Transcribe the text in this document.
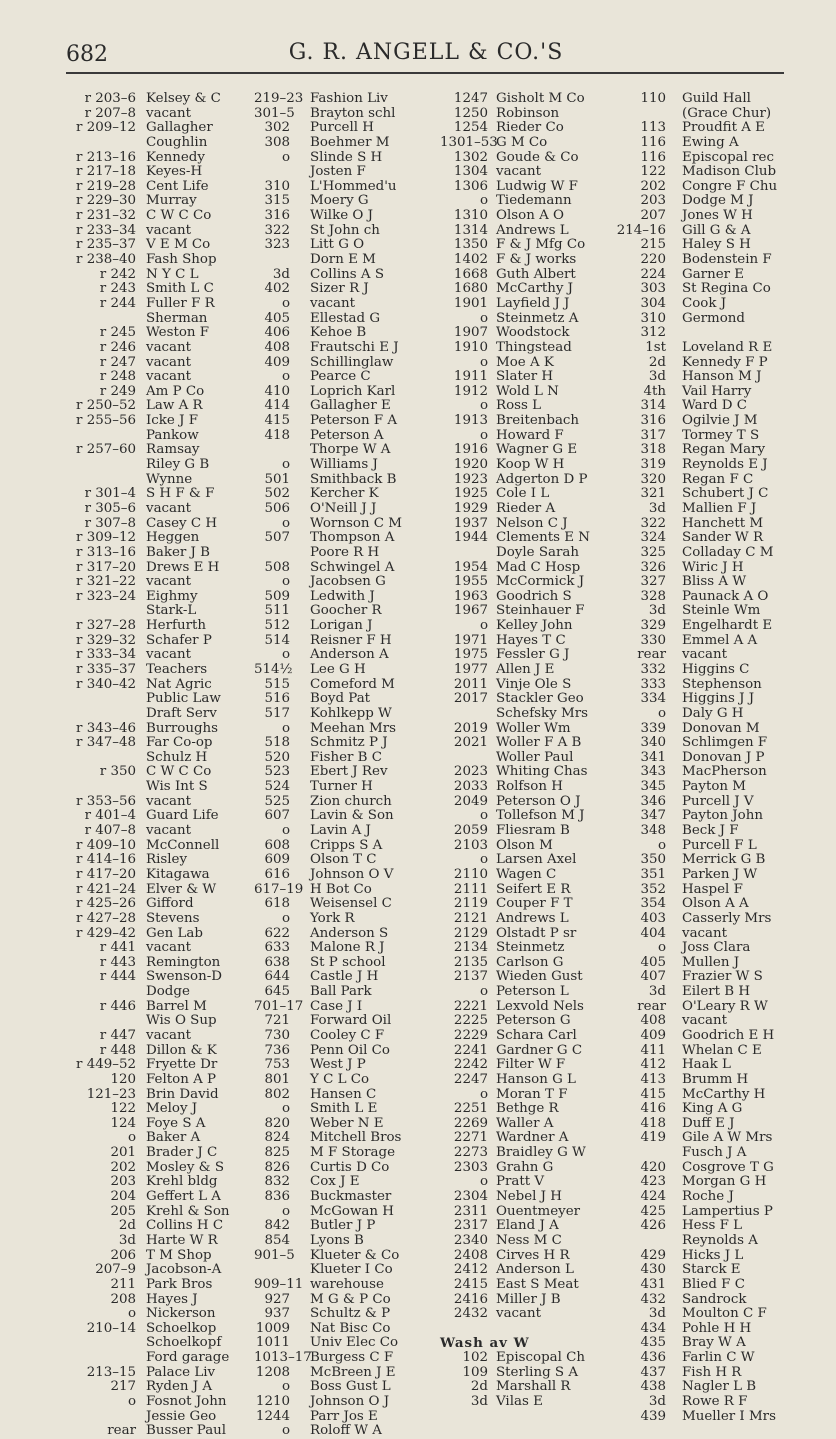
682	G. R. ANGELL & CO.'S
r 203–6 Kelsey & C
r 207–8 vacant
r 209–12 Gallagher
Coughlin
r 213–16 Kennedy
r 217–18 Keyes-H
r 219–28 Cent Life
r 229–30 Murray
r 231–32 C W C Co
r 233–34 vacant
r 235–37 V E M Co
r 238–40 Fash Shop
r 242 N Y C L
r 243 Smith L C
r 244 Fuller F R
Sherman
r 245 Weston F
r 246 vacant
r 247 vacant
r 248 vacant
r 249 Am P Co
r 250–52 Law A R
r 255–56 Icke J F
Pankow
r 257–60 Ramsay
Riley G B
Wynne
r 301–4 S H F & F
r 305–6 vacant
r 307–8 Casey C H
r 309–12 Heggen
r 313–16 Baker J B
r 317–20 Drews E H
r 321–22 vacant
r 323–24 Eighmy
Stark-L
r 327–28 Herfurth
r 329–32 Schafer P
r 333–34 vacant
r 335–37 Teachers
r 340–42 Nat Agric
Public Law
Draft Serv
r 343–46 Burroughs
r 347–48 Far Co-op
Schulz H
r 350 C W C Co
Wis Int S
r 353–56 vacant
r 401–4 Guard Life
r 407–8 vacant
r 409–10 McConnell
r 414–16 Risley
r 417–20 Kitagawa
r 421–24 Elver & W
r 425–26 Gifford
r 427–28 Stevens
r 429–42 Gen Lab
r 441 vacant
r 443 Remington
r 444 Swenson-D
Dodge
r 446 Barrel M
Wis O Sup
r 447 vacant
r 448 Dillon & K
r 449–52 Fryette Dr
120 Felton A P
121–23 Brin David
122 Meloy J
124 Foye S A
o Baker A
201 Brader J C
202 Mosley & S
203 Krehl bldg
204 Geffert L A
205 Krehl & Son
2d Collins H C
3d Harte W R
206 T M Shop
207–9 Jacobson-A
211 Park Bros
208 Hayes J
o Nickerson
210–14 Schoelkop
Schoelkopf
Ford garage
213–15 Palace Liv
217 Ryden J A
o Fosnot John
Jessie Geo
rear Busser Paul
219–23 Fashion Liv
301–5 Brayton schl
302 Purcell H
308 Boehmer M
o Slinde S H
Josten F
310 L'Hommed'u
315 Moery G
316 Wilke O J
322 St John ch
323 Litt G O
Dorn E M
3d Collins A S
402 Sizer R J
o vacant
405 Ellestad G
406 Kehoe B
408 Frautschi E J
409 Schillinglaw
o Pearce C
410 Loprich Karl
414 Gallagher E
415 Peterson F A
418 Peterson A
Thorpe W A
o Williams J
501 Smithback B
502 Kercher K
506 O'Neill J J
o Wornson C M
507 Thompson A
Poore R H
508 Schwingel A
o Jacobsen G
509 Ledwith J
511 Goocher R
512 Lorigan J
514 Reisner F H
o Anderson A
514½ Lee G H
515 Comeford M
516 Boyd Pat
517 Kohlkepp W
o Meehan Mrs
518 Schmitz P J
520 Fisher B C
523 Ebert J Rev
524 Turner H
525 Zion church
607 Lavin & Son
o Lavin A J
608 Cripps S A
609 Olson T C
616 Johnson O V
617–19 H Bot Co
618 Weisensel C
o York R
622 Anderson S
633 Malone R J
638 St P school
644 Castle J H
645 Ball Park
701–17 Case J I
721 Forward Oil
730 Cooley C F
736 Penn Oil Co
753 West J P
801 Y C L Co
802 Hansen C
o Smith L E
820 Weber N E
824 Mitchell Bros
825 M F Storage
826 Curtis D Co
832 Cox J E
836 Buckmaster
o McGowan H
842 Butler J P
854 Lyons B
901–5 Klueter & Co
Klueter I Co
909–11 warehouse
927 M G & P Co
937 Schultz & P
1009 Nat Bisc Co
1011 Univ Elec Co
1013–17
Burgess C F
1208 McBreen J E
o Boss Gust L
1210 Johnson O J
1244 Parr Jos E
o Roloff W A
1247 Gisholt M Co
1250 Robinson
1254 Rieder Co
1301–53
G M Co
1302 Goude & Co
1304 vacant
1306 Ludwig W F
o Tiedemann
1310 Olson A O
1314 Andrews L
1350 F & J Mfg Co
1402 F & J works
1668 Guth Albert
1680 McCarthy J
1901 Layfield J J
o Steinmetz A
1907 Woodstock
1910 Thingstead
o Moe A K
1911 Slater H
1912 Wold L N
o Ross L
1913 Breitenbach
o Howard F
1916 Wagner G E
1920 Koop W H
1923 Adgerton D P
1925 Cole I L
1929 Rieder A
1937 Nelson C J
1944 Clements E N
Doyle Sarah
1954 Mad C Hosp
1955 McCormick J
1963 Goodrich S
1967 Steinhauer F
o Kelley John
1971 Hayes T C
1975 Fessler G J
1977 Allen J E
2011 Vinje Ole S
2017 Stackler Geo
Schefsky Mrs
2019 Woller Wm
2021 Woller F A B
Woller Paul
2023 Whiting Chas
2033 Rolfson H
2049 Peterson O J
o Tollefson M J
2059 Fliesram B
2103 Olson M
o Larsen Axel
2110 Wagen C
2111 Seifert E R
2119 Couper F T
2121 Andrews L
2129 Olstadt P sr
2134 Steinmetz
2135 Carlson G
2137 Wieden Gust
o Peterson L
2221 Lexvold Nels
2225 Peterson G
2229 Schara Carl
2241 Gardner G C
2242 Filter W F
2247 Hanson G L
o Moran T F
2251 Bethge R
2269 Waller A
2271 Wardner A
2273 Braidley G W
2303 Grahn G
o Pratt V
2304 Nebel J H
2311 Ouentmeyer
2317 Eland J A
2340 Ness M C
2408 Cirves H R
2412 Anderson L
2415 East S Meat
2416 Miller J B
2432 vacant
Wash av W
102 Episcopal Ch
109 Sterling S A
2d Marshall R
3d Vilas E
110 Guild Hall
(Grace Chur)
113 Proudfit A E
116 Ewing A
116 Episcopal rec
122 Madison Club
202 Congre F Chu
203 Dodge M J
207 Jones W H
214–16 Gill G & A
215 Haley S H
220 Bodenstein F
224 Garner E
303 St Regina Co
304 Cook J
310 Germond
312
1st Loveland R E
2d Kennedy F P
3d Hanson M J
4th Vail Harry
314 Ward D C
316 Ogilvie J M
317 Tormey T S
318 Regan Mary
319 Reynolds E J
320 Regan F C
321 Schubert J C
3d Mallien F J
322 Hanchett M
324 Sander W R
325 Colladay C M
326 Wiric J H
327 Bliss A W
328 Paunack A O
3d Steinle Wm
329 Engelhardt E
330 Emmel A A
rear vacant
332 Higgins C
333 Stephenson
334 Higgins J J
o Daly G H
339 Donovan M
340 Schlimgen F
341 Donovan J P
343 MacPherson
345 Payton M
346 Purcell J V
347 Payton John
348 Beck J F
o Purcell F L
350 Merrick G B
351 Parken J W
352 Haspel F
354 Olson A A
403 Casserly Mrs
404 vacant
o Joss Clara
405 Mullen J
407 Frazier W S
3d Eilert B H
rear O'Leary R W
408 vacant
409 Goodrich E H
411 Whelan C E
412 Haak L
413 Brumm H
415 McCarthy H
416 King A G
418 Duff E J
419 Gile A W Mrs
Fusch J A
420 Cosgrove T G
423 Morgan G H
424 Roche J
425 Lampertius P
426 Hess F L
Reynolds A
429 Hicks J L
430 Starck E
431 Blied F C
432 Sandrock
3d Moulton C F
434 Pohle H H
435 Bray W A
436 Farlin C W
437 Fish H R
438 Nagler L B
3d Rowe R F
439 Mueller I Mrs
